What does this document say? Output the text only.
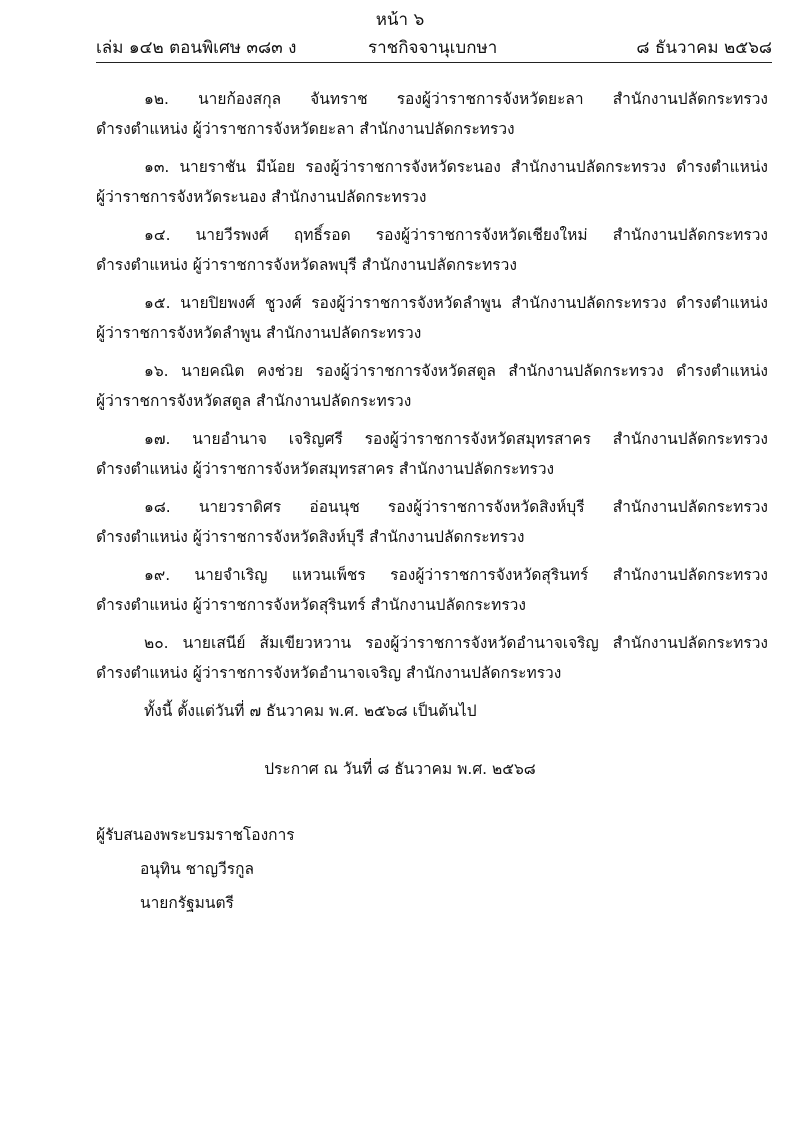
หน้า ๖
เล่ม ๑๔๒ ตอนพิเศษ ๓๘๓ ง	ราชกิจจานุเบกษา	๘ ธันวาคม ๒๕๖๘
๑๒. นายก้องสกุล จันทราช รองผู้ว่าราชการจังหวัดยะลา สำนักงานปลัดกระทรวง
ดำรงตำแหน่ง ผู้ว่าราชการจังหวัดยะลา สำนักงานปลัดกระทรวง
๑๓. นายราชัน มีน้อย รองผู้ว่าราชการจังหวัดระนอง สำนักงานปลัดกระทรวง ดำรงตำแหน่ง
ผู้ว่าราชการจังหวัดระนอง สำนักงานปลัดกระทรวง
๑๔. นายวีรพงศ์ ฤทธิ์รอด รองผู้ว่าราชการจังหวัดเชียงใหม่ สำนักงานปลัดกระทรวง
ดำรงตำแหน่ง ผู้ว่าราชการจังหวัดลพบุรี สำนักงานปลัดกระทรวง
๑๕. นายปิยพงศ์ ชูวงศ์ รองผู้ว่าราชการจังหวัดลำพูน สำนักงานปลัดกระทรวง ดำรงตำแหน่ง
ผู้ว่าราชการจังหวัดลำพูน สำนักงานปลัดกระทรวง
๑๖. นายคณิต คงช่วย รองผู้ว่าราชการจังหวัดสตูล สำนักงานปลัดกระทรวง ดำรงตำแหน่ง
ผู้ว่าราชการจังหวัดสตูล สำนักงานปลัดกระทรวง
๑๗. นายอำนาจ เจริญศรี รองผู้ว่าราชการจังหวัดสมุทรสาคร สำนักงานปลัดกระทรวง
ดำรงตำแหน่ง ผู้ว่าราชการจังหวัดสมุทรสาคร สำนักงานปลัดกระทรวง
๑๘. นายวราดิศร อ่อนนุช รองผู้ว่าราชการจังหวัดสิงห์บุรี สำนักงานปลัดกระทรวง
ดำรงตำแหน่ง ผู้ว่าราชการจังหวัดสิงห์บุรี สำนักงานปลัดกระทรวง
๑๙. นายจำเริญ แหวนเพ็ชร รองผู้ว่าราชการจังหวัดสุรินทร์ สำนักงานปลัดกระทรวง
ดำรงตำแหน่ง ผู้ว่าราชการจังหวัดสุรินทร์ สำนักงานปลัดกระทรวง
๒๐. นายเสนีย์ ส้มเขียวหวาน รองผู้ว่าราชการจังหวัดอำนาจเจริญ สำนักงานปลัดกระทรวง
ดำรงตำแหน่ง ผู้ว่าราชการจังหวัดอำนาจเจริญ สำนักงานปลัดกระทรวง
ทั้งนี้ ตั้งแต่วันที่ ๗ ธันวาคม พ.ศ. ๒๕๖๘ เป็นต้นไป
ประกาศ ณ วันที่ ๘ ธันวาคม พ.ศ. ๒๕๖๘
ผู้รับสนองพระบรมราชโองการ
อนุทิน ชาญวีรกูล
นายกรัฐมนตรี
